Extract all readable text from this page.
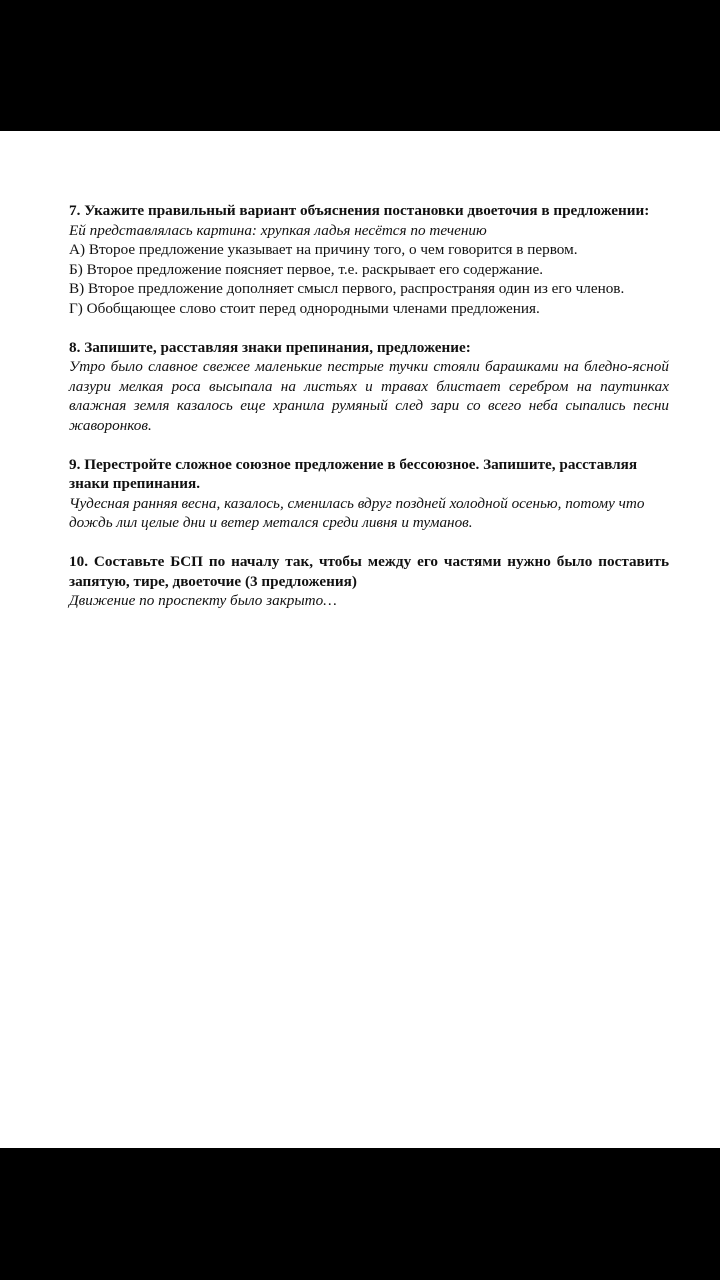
7. Укажите правильный вариант объяснения постановки двоеточия в предложении:

Ей представлялась картина: хрупкая ладья несётся по течению

А) Второе предложение указывает на причину того, о чем говорится в первом.

Б) Второе предложение поясняет первое, т.е. раскрывает его содержание.

В) Второе предложение дополняет смысл первого, распространяя один из его членов.

Г) Обобщающее слово стоит перед однородными членами предложения.

8. Запишите, расставляя знаки препинания, предложение:

Утро было славное свежее маленькие пестрые тучки стояли барашками на бледно-ясной лазури мелкая роса высыпала на листьях и травах блистает серебром на паутинках влажная земля казалось еще хранила румяный след зари со всего неба сыпались песни жаворонков.

9. Перестройте сложное союзное предложение в бессоюзное. Запишите, расставляя знаки препинания.

Чудесная ранняя весна, казалось, сменилась вдруг поздней холодной осенью, потому что дождь лил целые дни и ветер метался среди ливня и туманов.

10. Составьте БСП по началу так, чтобы между его частями нужно было поставить запятую, тире, двоеточие (3 предложения)

Движение по проспекту было закрыто…
